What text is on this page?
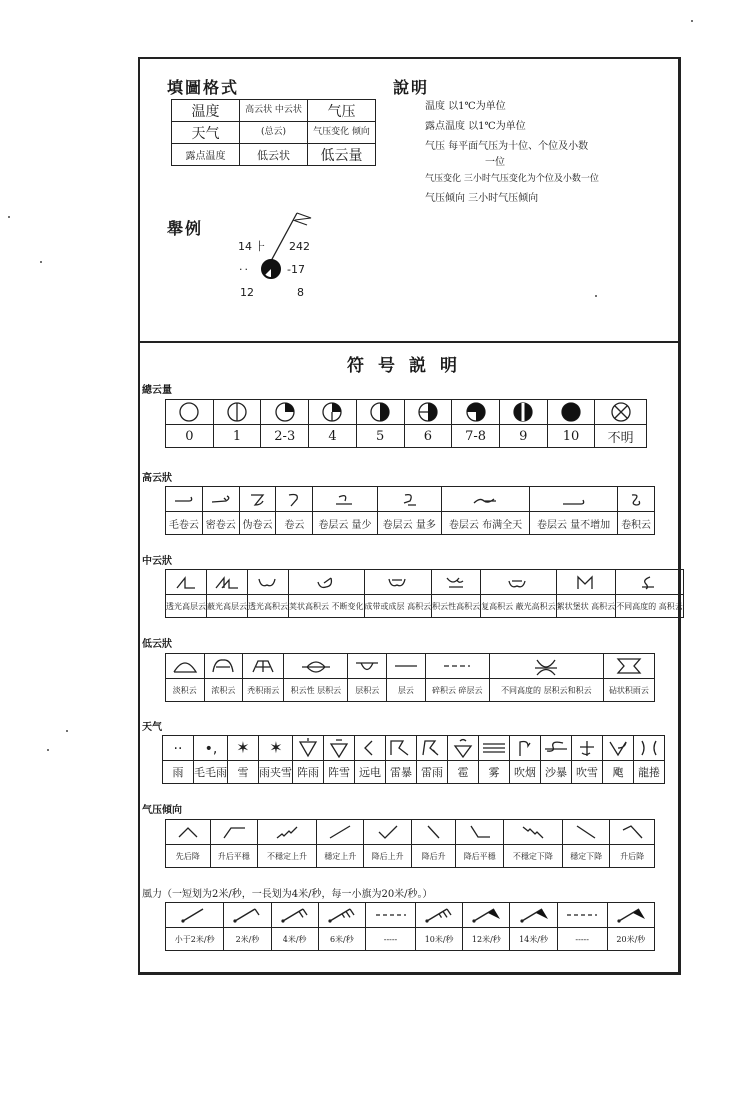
填圖格式
温度	高云状 中云状	气压
天气	(总云)	气压变化 倾向
露点温度	低云状	低云量
說明
温度 以1℃为单位
露点温度 以1℃为单位
气压 每平面气压为十位、个位及小数
一位
气压变化 三小时气压变化为个位及小数一位
气压倾向 三小时气压倾向
舉例
14 ⺊ 242
··	-17
12	8
符号説明
總云量

0	1	2-3	4	5	6	7-8	9	10	不明
高云狀

毛卷云	密卷云	伪卷云	卷云	卷层云 量少	卷层云 量多	卷层云 布满全天	卷层云 量不增加	卷积云
中云狀

透光高层云	蔽光高层云	透光高积云	荚状高积云 不断变化	成带或成层 高积云	积云性高积云	复高积云 蔽光高积云	絮状堡状 高积云	不同高度的 高积云
低云狀

淡积云	浓积云	秃积雨云	积云性 层积云	层积云	层云	碎积云 碎层云	不同高度的 层积云和积云	砧状积雨云
天气
··	•,	✶	✶

雨	毛毛雨	雪	雨夹雪	阵雨	阵雪	远电	雷暴	雷雨	雹	雾	吹烟	沙暴	吹雪	飑	龍捲
气压傾向

先后降	升后平穩	不穩定上升	穩定上升	降后上升	降后升	降后平穩	不穩定下降	穩定下降	升后降
風力（一短划为2米/秒，一長划为4米/秒，每一小旗为20米/秒。）

小于2米/秒	2米/秒	4米/秒	6米/秒	-----	10米/秒	12米/秒	14米/秒	-----	20米/秒
